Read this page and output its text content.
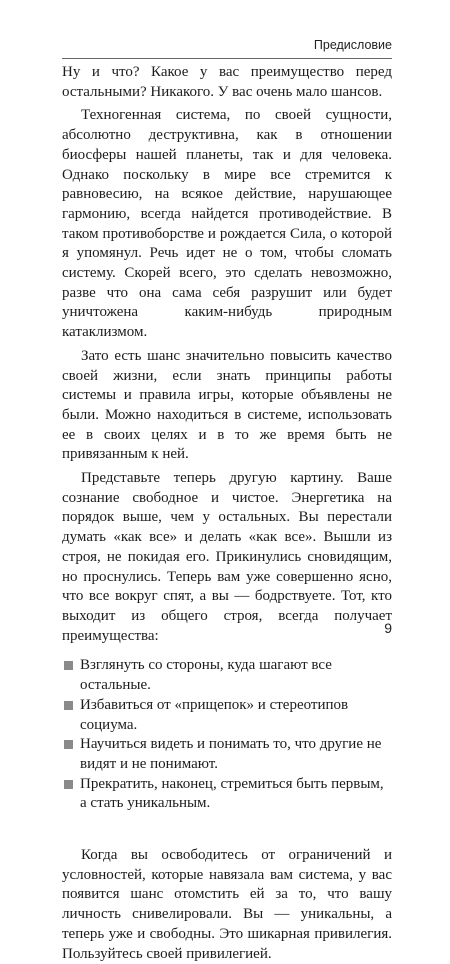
Предисловие

Ну и что? Какое у вас преимущество перед остальными? Никакого. У вас очень мало шансов.

Техногенная система, по своей сущности, абсолютно деструктивна, как в отношении биосферы нашей планеты, так и для человека. Однако поскольку в мире все стремится к равновесию, на всякое действие, нарушающее гармонию, всегда найдется противодействие. В таком противоборстве и рождается Сила, о которой я упомянул. Речь идет не о том, чтобы сломать систему. Скорей всего, это сделать невозможно, разве что она сама себя разрушит или будет уничтожена каким-нибудь природным катаклизмом.

Зато есть шанс значительно повысить качество своей жизни, если знать принципы работы системы и правила игры, которые объявлены не были. Можно находиться в системе, использовать ее в своих целях и в то же время быть не привязанным к ней.

Представьте теперь другую картину. Ваше сознание свободное и чистое. Энергетика на порядок выше, чем у остальных. Вы перестали думать «как все» и делать «как все». Вышли из строя, не покидая его. Прикинулись сновидящим, но проснулись. Теперь вам уже совершенно ясно, что все вокруг спят, а вы — бодрствуете. Тот, кто выходит из общего строя, всегда получает преимущества:

Взглянуть со стороны, куда шагают все остальные.
Избавиться от «прищепок» и стереотипов социума.
Научиться видеть и понимать то, что другие не видят и не понимают.
Прекратить, наконец, стремиться быть первым, а стать уникальным.

Когда вы освободитесь от ограничений и условностей, которые навязала вам система, у вас появится шанс отомстить ей за то, что вашу личность снивелировали. Вы — уникальны, а теперь уже и свободны. Это шикарная привилегия. Пользуйтесь своей привилегией.

9
